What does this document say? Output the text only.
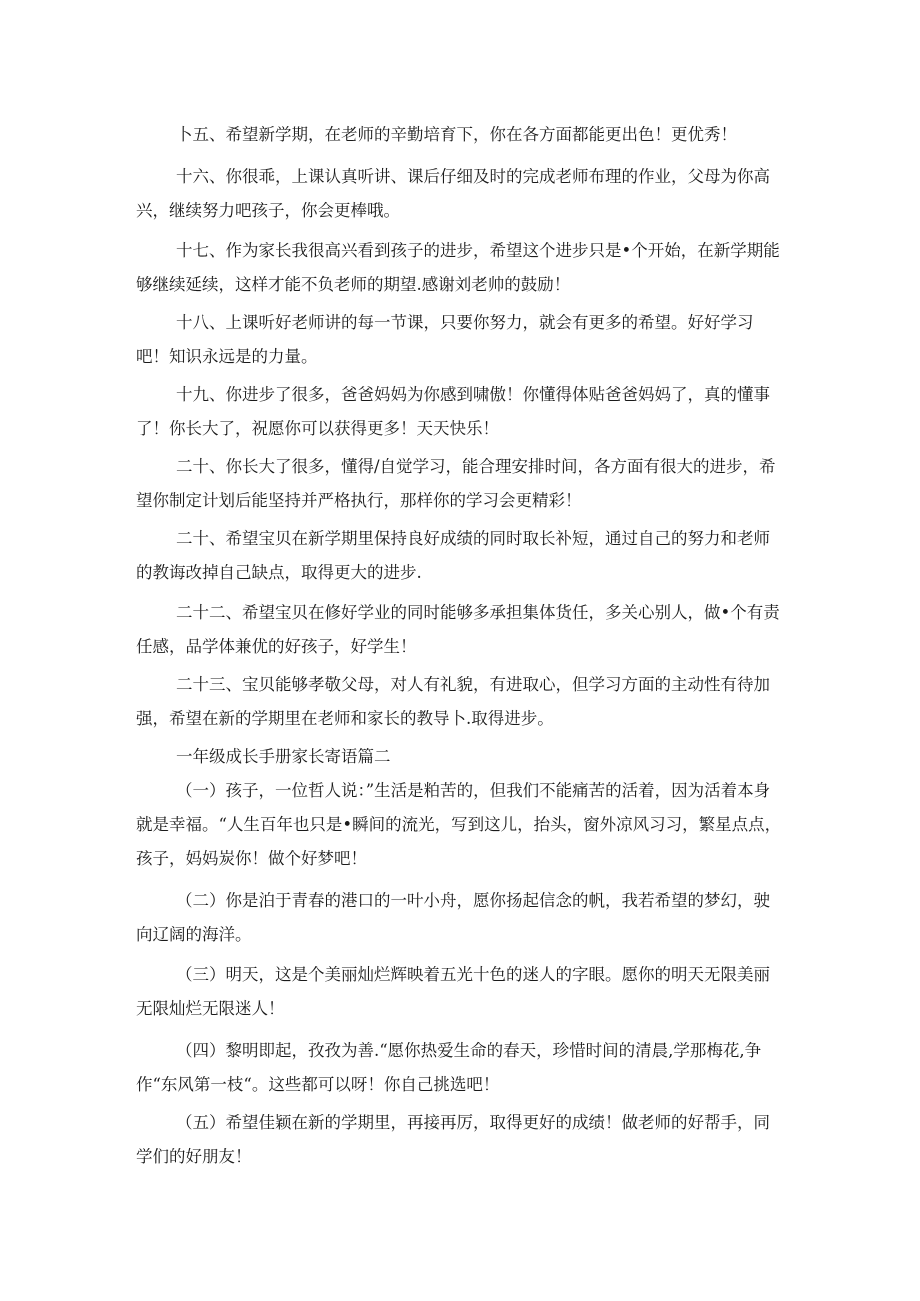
卜五、希望新学期，在老师的辛勤培育下，你在各方面都能更出色！更优秀！

十六、你很乖，上课认真听讲、课后仔细及时的完成老师布理的作业，父母为你高兴，继续努力吧孩子，你会更棒哦。

十七、作为家长我很高兴看到孩子的进步，希望这个进步只是•个开始，在新学期能够继续延续，这样才能不负老师的期望.感谢刘老帅的鼓励！

十八、上课听好老师讲的每一节课，只要你努力，就会有更多的希望。好好学习吧！知识永远是的力量。

十九、你进步了很多，爸爸妈妈为你感到啸傲！你懂得体贴爸爸妈妈了，真的懂事了！你长大了，祝愿你可以获得更多！天天快乐！

二十、你长大了很多，懂得/自觉学习，能合理安排时间，各方面有很大的进步，希望你制定计划后能坚持并严格执行，那样你的学习会更精彩！

二十、希望宝贝在新学期里保持良好成绩的同时取长补短，通过自己的努力和老师的教诲改掉自己缺点，取得更大的进步.

二十二、希望宝贝在修好学业的同时能够多承担集体货任，多关心别人，做•个有责任感，品学体兼优的好孩子，好学生！

二十三、宝贝能够孝敬父母，对人有礼貌，有进取心，但学习方面的主动性有待加强，希望在新的学期里在老师和家长的教导卜.取得进步。

一年级成长手册家长寄语篇二

（一）孩子，一位哲人说：”生活是粕苦的，但我们不能痛苦的活着，因为活着本身就是幸福。“人生百年也只是•瞬间的流光，写到这儿，抬头，窗外凉风习习，繁星点点，孩子，妈妈炭你！做个好梦吧！

（二）你是泊于青春的港口的一叶小舟，愿你扬起信念的帆，我若希望的梦幻，驶向辽阔的海洋。

（三）明天，这是个美丽灿烂辉映着五光十色的迷人的字眼。愿你的明天无限美丽无限灿烂无限迷人！

（四）黎明即起，孜孜为善.“愿你热爱生命的春天，珍惜时间的清晨,学那梅花,争作“东风第一枝“。这些都可以呀！你自己挑选吧！

（五）希望佳颖在新的学期里，再接再厉，取得更好的成绩！做老师的好帮手，同学们的好朋友！
